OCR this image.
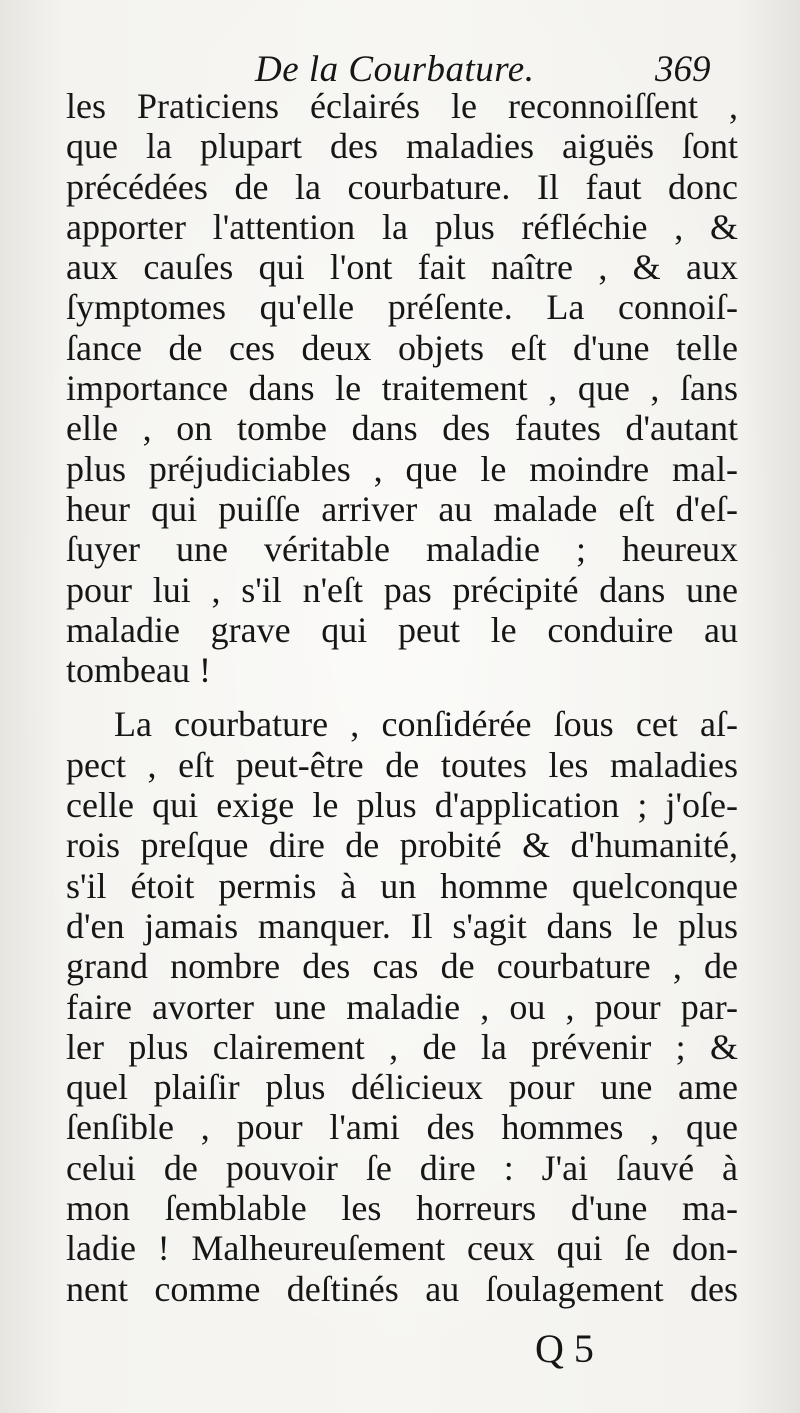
De la Courbature.	369
les Praticiens éclairés le reconnoiſſent ,
que la plupart des maladies aiguës ſont
précédées de la courbature. Il faut donc
apporter l'attention la plus réfléchie , &
aux cauſes qui l'ont fait naître , & aux
ſymptomes qu'elle préſente. La connoiſ-
ſance de ces deux objets eſt d'une telle
importance dans le traitement , que , ſans
elle , on tombe dans des fautes d'autant
plus préjudiciables , que le moindre mal-
heur qui puiſſe arriver au malade eſt d'eſ-
ſuyer une véritable maladie ; heureux
pour lui , s'il n'eſt pas précipité dans une
maladie grave qui peut le conduire au
tombeau !
La courbature , conſidérée ſous cet aſ-
pect , eſt peut-être de toutes les maladies
celle qui exige le plus d'application ; j'oſe-
rois preſque dire de probité & d'humanité,
s'il étoit permis à un homme quelconque
d'en jamais manquer. Il s'agit dans le plus
grand nombre des cas de courbature , de
faire avorter une maladie , ou , pour par-
ler plus clairement , de la prévenir ; &
quel plaiſir plus délicieux pour une ame
ſenſible , pour l'ami des hommes , que
celui de pouvoir ſe dire : J'ai ſauvé à
mon ſemblable les horreurs d'une ma-
ladie ! Malheureuſement ceux qui ſe don-
nent comme deſtinés au ſoulagement des
Q 5
